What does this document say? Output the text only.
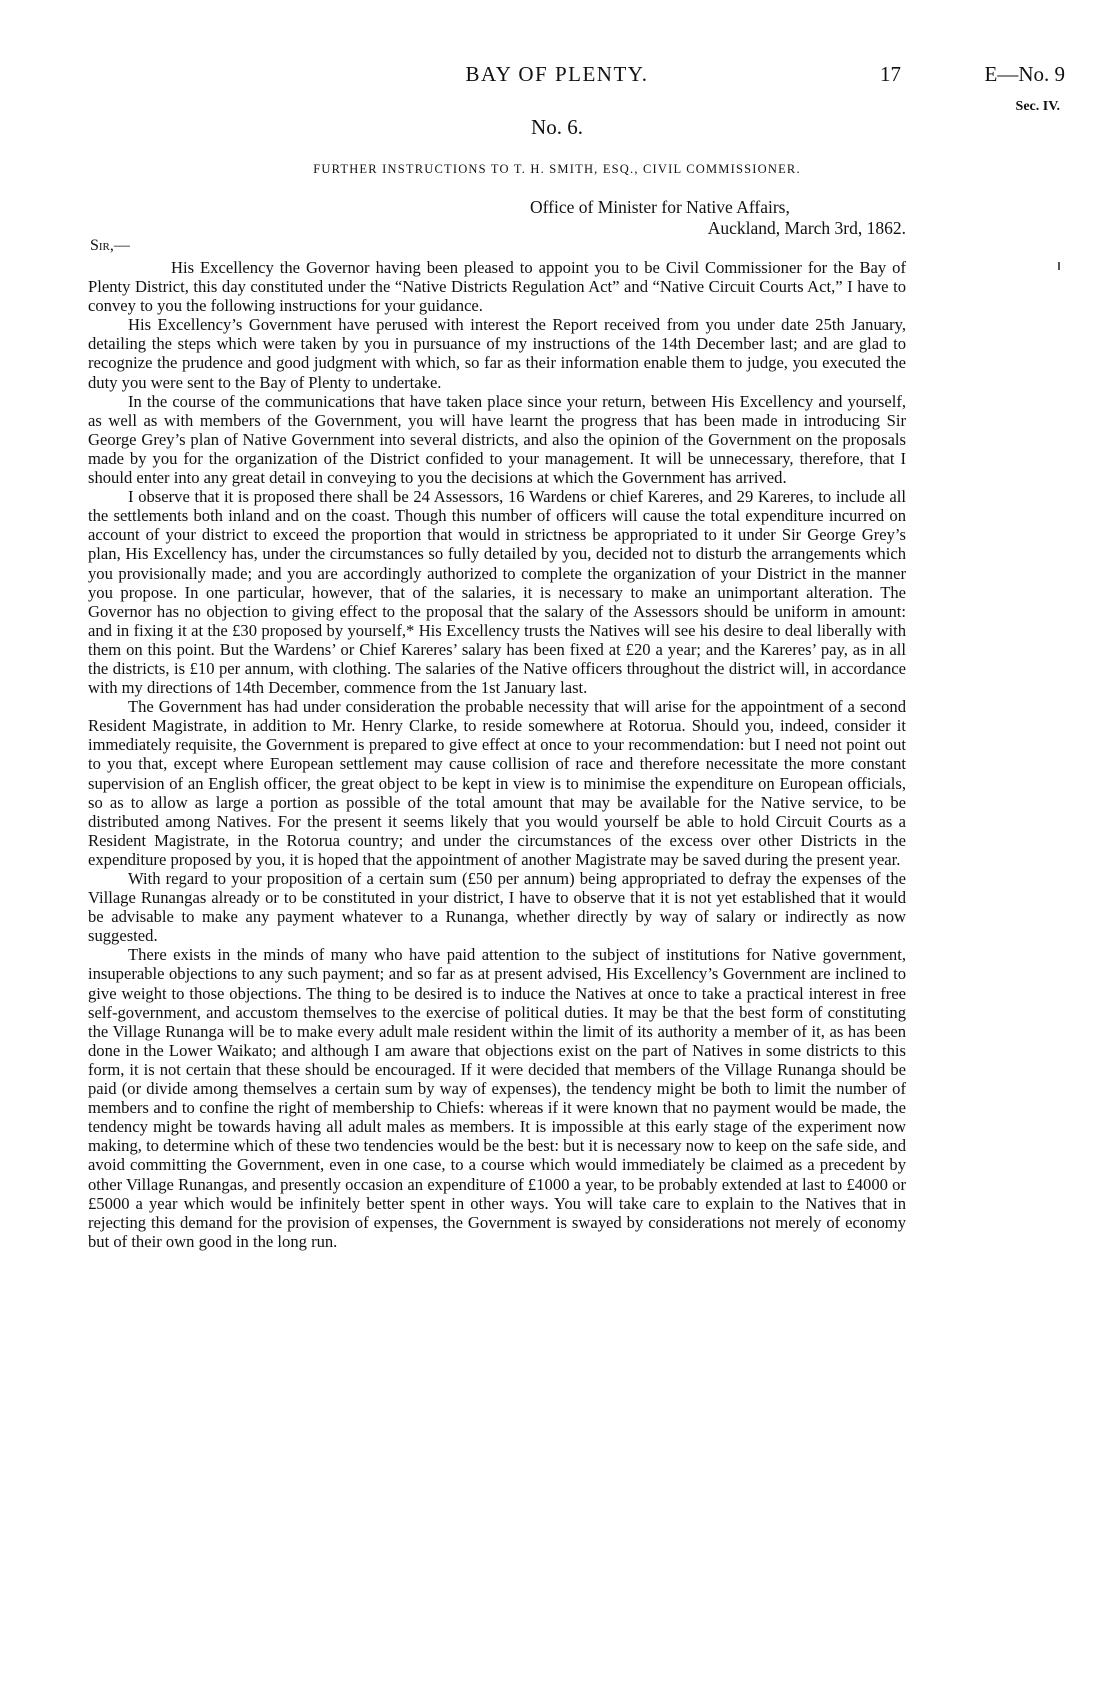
BAY OF PLENTY.	17	E—No. 9
Sec. IV.
No. 6.
FURTHER INSTRUCTIONS TO T. H. SMITH, ESQ., CIVIL COMMISSIONER.
Office of Minister for Native Affairs,
Auckland, March 3rd, 1862.
Sir,—

His Excellency the Governor having been pleased to appoint you to be Civil Commissioner for the Bay of Plenty District, this day constituted under the “Native Districts Regulation Act” and “Native Circuit Courts Act,” I have to convey to you the following instructions for your guidance.

His Excellency’s Government have perused with interest the Report received from you under date 25th January, detailing the steps which were taken by you in pursuance of my instructions of the 14th December last; and are glad to recognize the prudence and good judgment with which, so far as their information enable them to judge, you executed the duty you were sent to the Bay of Plenty to undertake.

In the course of the communications that have taken place since your return, between His Excellency and yourself, as well as with members of the Government, you will have learnt the progress that has been made in introducing Sir George Grey’s plan of Native Government into several districts, and also the opinion of the Government on the proposals made by you for the organization of the District confided to your management. It will be unnecessary, therefore, that I should enter into any great detail in conveying to you the decisions at which the Government has arrived.

I observe that it is proposed there shall be 24 Assessors, 16 Wardens or chief Kareres, and 29 Kareres, to include all the settlements both inland and on the coast. Though this number of officers will cause the total expenditure incurred on account of your district to exceed the proportion that would in strictness be appropriated to it under Sir George Grey’s plan, His Excellency has, under the circumstances so fully detailed by you, decided not to disturb the arrangements which you provisionally made; and you are accordingly authorized to complete the organization of your District in the manner you propose. In one particular, however, that of the salaries, it is necessary to make an unimportant alteration. The Governor has no objection to giving effect to the proposal that the salary of the Assessors should be uniform in amount: and in fixing it at the £30 proposed by yourself,* His Excellency trusts the Natives will see his desire to deal liberally with them on this point. But the Wardens’ or Chief Kareres’ salary has been fixed at £20 a year; and the Kareres’ pay, as in all the districts, is £10 per annum, with clothing. The salaries of the Native officers throughout the district will, in accordance with my directions of 14th December, commence from the 1st January last.

The Government has had under consideration the probable necessity that will arise for the appointment of a second Resident Magistrate, in addition to Mr. Henry Clarke, to reside somewhere at Rotorua. Should you, indeed, consider it immediately requisite, the Government is prepared to give effect at once to your recommendation: but I need not point out to you that, except where European settlement may cause collision of race and therefore necessitate the more constant supervision of an English officer, the great object to be kept in view is to minimise the expenditure on European officials, so as to allow as large a portion as possible of the total amount that may be available for the Native service, to be distributed among Natives. For the present it seems likely that you would yourself be able to hold Circuit Courts as a Resident Magistrate, in the Rotorua country; and under the circumstances of the excess over other Districts in the expenditure proposed by you, it is hoped that the appointment of another Magistrate may be saved during the present year.

With regard to your proposition of a certain sum (£50 per annum) being appropriated to defray the expenses of the Village Runangas already or to be constituted in your district, I have to observe that it is not yet established that it would be advisable to make any payment whatever to a Runanga, whether directly by way of salary or indirectly as now suggested.

There exists in the minds of many who have paid attention to the subject of institutions for Native government, insuperable objections to any such payment; and so far as at present advised, His Excellency’s Government are inclined to give weight to those objections. The thing to be desired is to induce the Natives at once to take a practical interest in free self-government, and accustom themselves to the exercise of political duties. It may be that the best form of constituting the Village Runanga will be to make every adult male resident within the limit of its authority a member of it, as has been done in the Lower Waikato; and although I am aware that objections exist on the part of Natives in some districts to this form, it is not certain that these should be encouraged. If it were decided that members of the Village Runanga should be paid (or divide among themselves a certain sum by way of expenses), the tendency might be both to limit the number of members and to confine the right of membership to Chiefs: whereas if it were known that no payment would be made, the tendency might be towards having all adult males as members. It is impossible at this early stage of the experiment now making, to determine which of these two tendencies would be the best: but it is necessary now to keep on the safe side, and avoid committing the Government, even in one case, to a course which would immediately be claimed as a precedent by other Village Runangas, and presently occasion an expenditure of £1000 a year, to be probably extended at last to £4000 or £5000 a year which would be infinitely better spent in other ways. You will take care to explain to the Natives that in rejecting this demand for the provision of expenses, the Government is swayed by considerations not merely of economy but of their own good in the long run.
